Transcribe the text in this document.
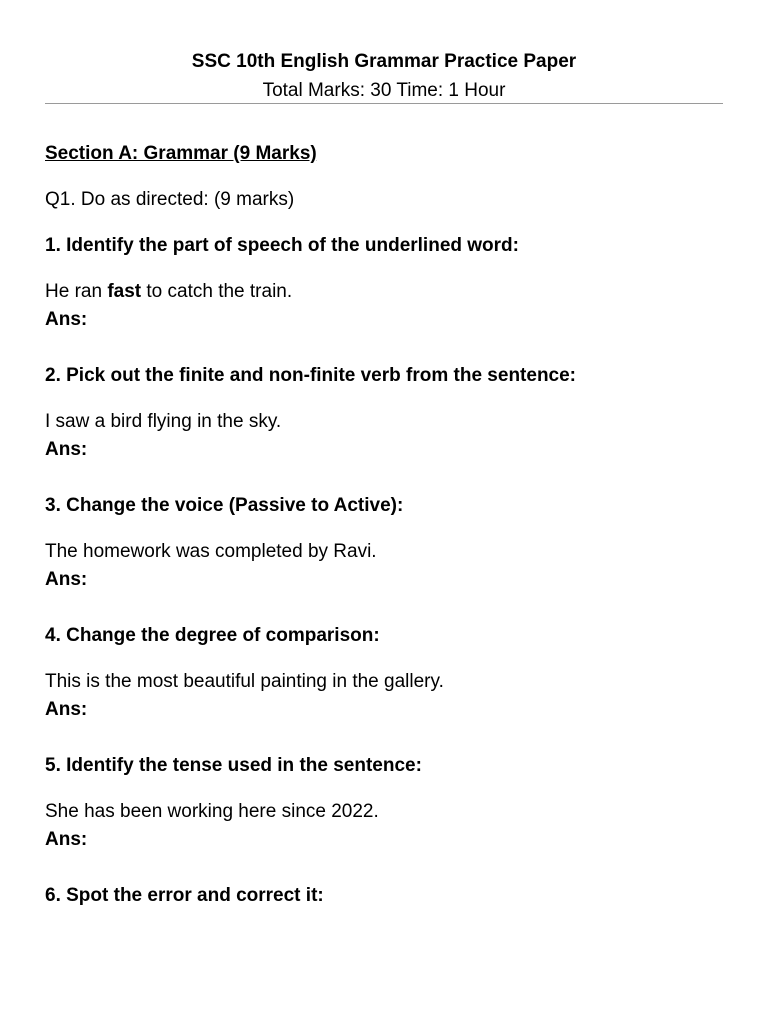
SSC 10th English Grammar Practice Paper
Total Marks: 30 Time: 1 Hour

Section A: Grammar (9 Marks)

Q1. Do as directed: (9 marks)

1. Identify the part of speech of the underlined word:

He ran fast to catch the train.

Ans:

2. Pick out the finite and non-finite verb from the sentence:

I saw a bird flying in the sky.

Ans:

3. Change the voice (Passive to Active):

The homework was completed by Ravi.

Ans:

4. Change the degree of comparison:

This is the most beautiful painting in the gallery.

Ans:

5. Identify the tense used in the sentence:

She has been working here since 2022.

Ans:

6. Spot the error and correct it:
